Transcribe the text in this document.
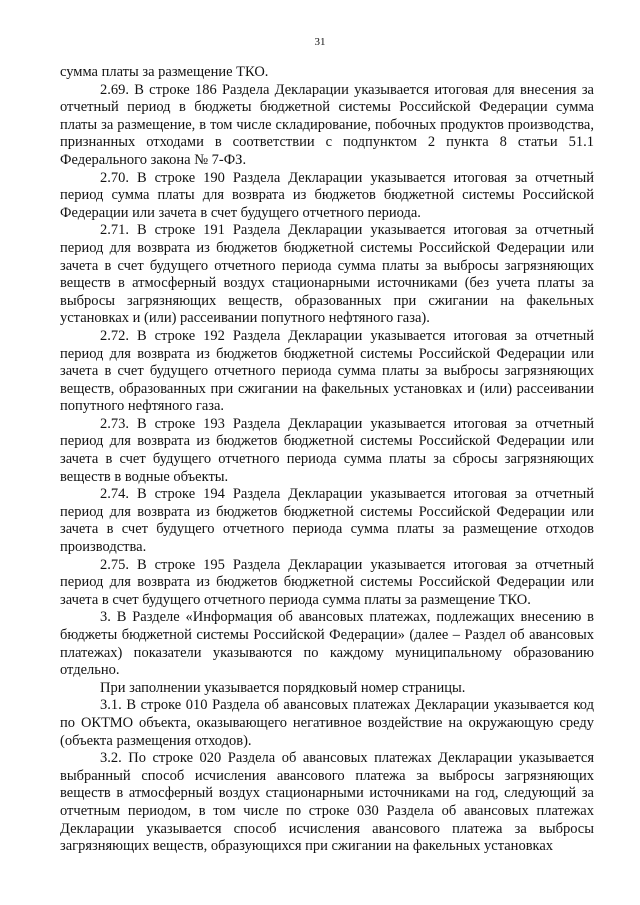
31

сумма платы за размещение ТКО.

2.69. В строке 186 Раздела Декларации указывается итоговая для внесения за отчетный период в бюджеты бюджетной системы Российской Федерации сумма платы за размещение, в том числе складирование, побочных продуктов производства, признанных отходами в соответствии с подпунктом 2 пункта 8 статьи 51.1 Федерального закона № 7-ФЗ.

2.70. В строке 190 Раздела Декларации указывается итоговая за отчетный период сумма платы для возврата из бюджетов бюджетной системы Российской Федерации или зачета в счет будущего отчетного периода.

2.71. В строке 191 Раздела Декларации указывается итоговая за отчетный период для возврата из бюджетов бюджетной системы Российской Федерации или зачета в счет будущего отчетного периода сумма платы за выбросы загрязняющих веществ в атмосферный воздух стационарными источниками (без учета платы за выбросы загрязняющих веществ, образованных при сжигании на факельных установках и (или) рассеивании попутного нефтяного газа).

2.72. В строке 192 Раздела Декларации указывается итоговая за отчетный период для возврата из бюджетов бюджетной системы Российской Федерации или зачета в счет будущего отчетного периода сумма платы за выбросы загрязняющих веществ, образованных при сжигании на факельных установках и (или) рассеивании попутного нефтяного газа.

2.73. В строке 193 Раздела Декларации указывается итоговая за отчетный период для возврата из бюджетов бюджетной системы Российской Федерации или зачета в счет будущего отчетного периода сумма платы за сбросы загрязняющих веществ в водные объекты.

2.74. В строке 194 Раздела Декларации указывается итоговая за отчетный период для возврата из бюджетов бюджетной системы Российской Федерации или зачета в счет будущего отчетного периода сумма платы за размещение отходов производства.

2.75. В строке 195 Раздела Декларации указывается итоговая за отчетный период для возврата из бюджетов бюджетной системы Российской Федерации или зачета в счет будущего отчетного периода сумма платы за размещение ТКО.

3. В Разделе «Информация об авансовых платежах, подлежащих внесению в бюджеты бюджетной системы Российской Федерации» (далее – Раздел об авансовых платежах) показатели указываются по каждому муниципальному образованию отдельно.

При заполнении указывается порядковый номер страницы.

3.1. В строке 010 Раздела об авансовых платежах Декларации указывается код по ОКТМО объекта, оказывающего негативное воздействие на окружающую среду (объекта размещения отходов).

3.2. По строке 020 Раздела об авансовых платежах Декларации указывается выбранный способ исчисления авансового платежа за выбросы загрязняющих веществ в атмосферный воздух стационарными источниками на год, следующий за отчетным периодом, в том числе по строке 030 Раздела об авансовых платежах Декларации указывается способ исчисления авансового платежа за выбросы загрязняющих веществ, образующихся при сжигании на факельных установках
